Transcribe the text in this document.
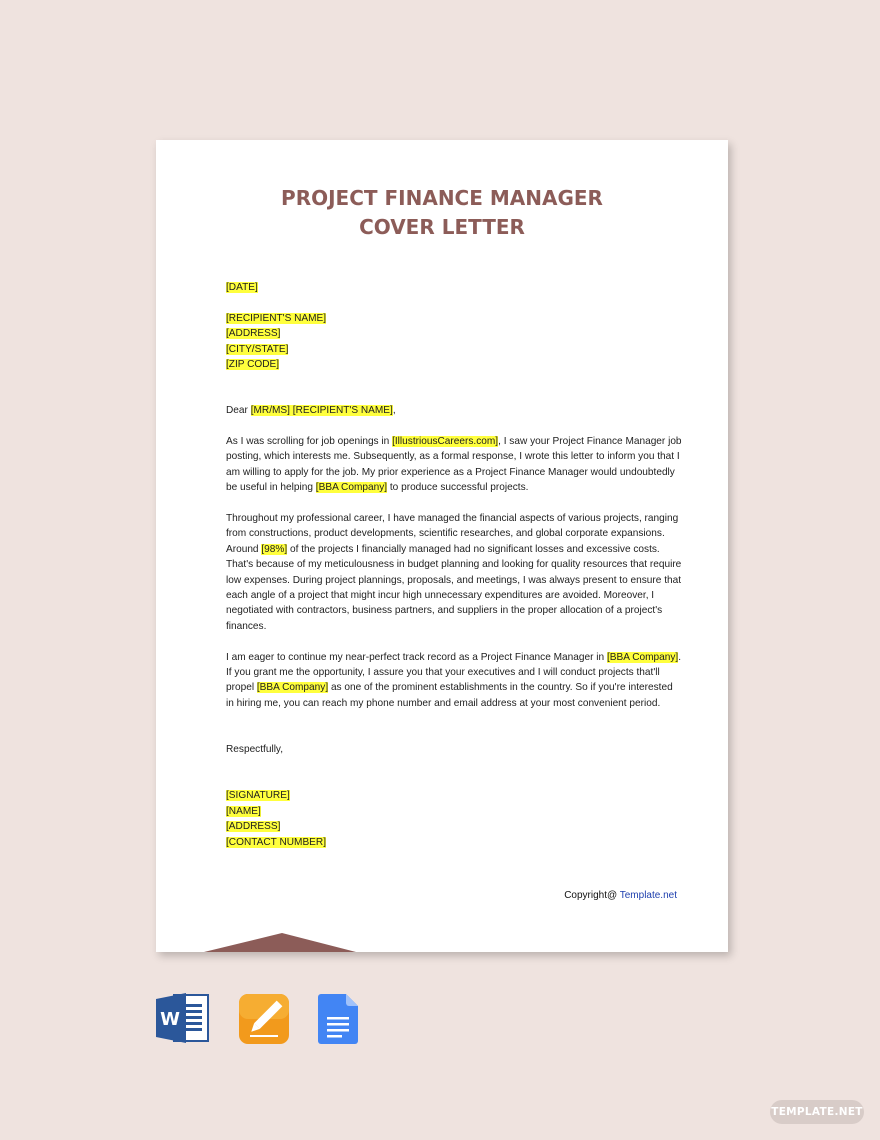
PROJECT FINANCE MANAGER
COVER LETTER

[DATE]

[RECIPIENT'S NAME]

[ADDRESS]

[CITY/STATE]

[ZIP CODE]

Dear [MR/MS] [RECIPIENT'S NAME],

As I was scrolling for job openings in [IllustriousCareers.com], I saw your Project Finance Manager job posting, which interests me. Subsequently, as a formal response, I wrote this letter to inform you that I am willing to apply for the job. My prior experience as a Project Finance Manager would undoubtedly be useful in helping [BBA Company] to produce successful projects.

Throughout my professional career, I have managed the financial aspects of various projects, ranging from constructions, product developments, scientific researches, and global corporate expansions. Around [98%] of the projects I financially managed had no significant losses and excessive costs. That's because of my meticulousness in budget planning and looking for quality resources that require low expenses. During project plannings, proposals, and meetings, I was always present to ensure that each angle of a project that might incur high unnecessary expenditures are avoided. Moreover, I negotiated with contractors, business partners, and suppliers in the proper allocation of a project's finances.

I am eager to continue my near-perfect track record as a Project Finance Manager in [BBA Company]. If you grant me the opportunity, I assure you that your executives and I will conduct projects that'll propel [BBA Company] as one of the prominent establishments in the country. So if you're interested in hiring me, you can reach my phone number and email address at your most convenient period.

Respectfully,

[SIGNATURE]

[NAME]

[ADDRESS]

[CONTACT NUMBER]

Copyright@ Template.net
W
TEMPLATE.NET
